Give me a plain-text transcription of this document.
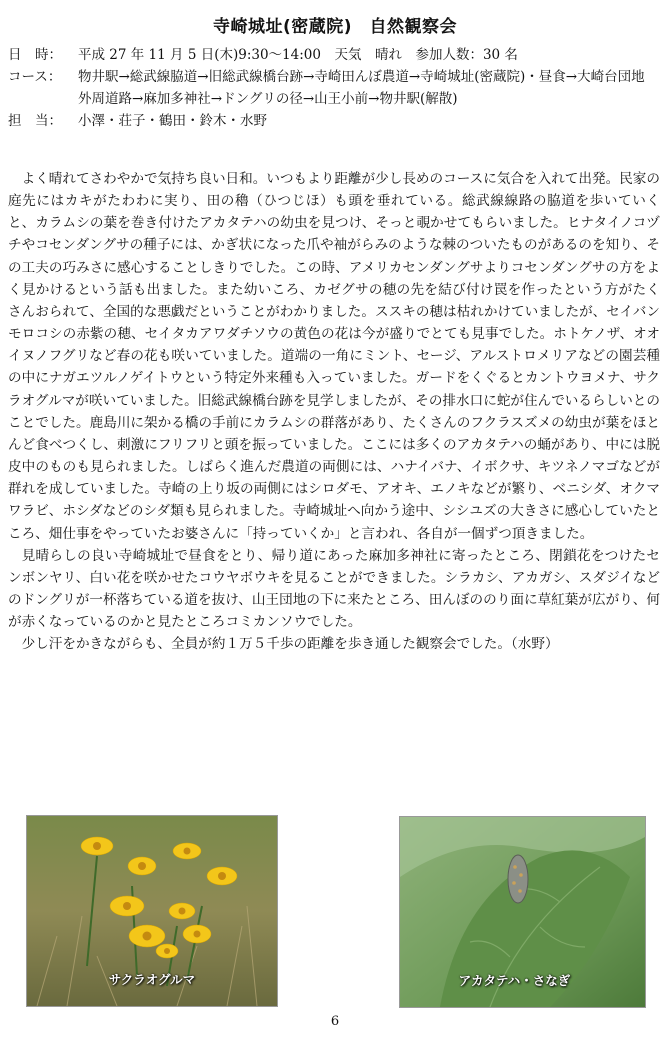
寺崎城址(密蔵院)　自然観察会
日　時：	平成 27 年 11 月 5 日(木)9:30〜14:00　天気　晴れ　参加人数：30 名
コース：	物井駅→総武線脇道→旧総武線橋台跡→寺崎田んぼ農道→寺崎城址(密蔵院)・昼食→大崎台団地外周道路→麻加多神社→ドングリの径→山王小前→物井駅(解散)
担　当：	小澤・荘子・鶴田・鈴木・水野

よく晴れてさわやかで気持ち良い日和。いつもより距離が少し長めのコースに気合を入れて出発。民家の庭先にはカキがたわわに実り、田の穭（ひつじほ）も頭を垂れている。総武線線路の脇道を歩いていくと、カラムシの葉を巻き付けたアカタテハの幼虫を見つけ、そっと覗かせてもらいました。ヒナタイノコヅチやコセンダングサの種子には、かぎ状になった爪や袖がらみのような棘のついたものがあるのを知り、その工夫の巧みさに感心することしきりでした。この時、アメリカセンダングサよりコセンダングサの方をよく見かけるという話も出ました。また幼いころ、カゼグサの穂の先を結び付け罠を作ったという方がたくさんおられて、全国的な悪戯だということがわかりました。ススキの穂は枯れかけていましたが、セイバンモロコシの赤紫の穂、セイタカアワダチソウの黄色の花は今が盛りでとても見事でした。ホトケノザ、オオイヌノフグリなど春の花も咲いていました。道端の一角にミント、セージ、アルストロメリアなどの園芸種の中にナガエツルノゲイトウという特定外来種も入っていました。ガードをくぐるとカントウヨメナ、サクラオグルマが咲いていました。旧総武線橋台跡を見学しましたが、その排水口に蛇が住んでいるらしいとのことでした。鹿島川に架かる橋の手前にカラムシの群落があり、たくさんのフクラスズメの幼虫が葉をほとんど食べつくし、刺激にフリフリと頭を振っていました。ここには多くのアカタテハの蛹があり、中には脱皮中のものも見られました。しばらく進んだ農道の両側には、ハナイバナ、イボクサ、キツネノマゴなどが群れを成していました。寺崎の上り坂の両側にはシロダモ、アオキ、エノキなどが繁り、ベニシダ、オクマワラビ、ホシダなどのシダ類も見られました。寺崎城址へ向かう途中、シシユズの大きさに感心していたところ、畑仕事をやっていたお婆さんに「持っていくか」と言われ、各自が一個ずつ頂きました。

見晴らしの良い寺崎城址で昼食をとり、帰り道にあった麻加多神社に寄ったところ、閉鎖花をつけたセンボンヤリ、白い花を咲かせたコウヤボウキを見ることができました。シラカシ、アカガシ、スダジイなどのドングリが一杯落ちている道を抜け、山王団地の下に来たところ、田んぼののり面に草紅葉が広がり、何が赤くなっているのかと見たところコミカンソウでした。

少し汗をかきながらも、全員が約１万５千歩の距離を歩き通した観察会でした。（水野）

サクラオグルマ	アカタテハ・さなぎ
6
